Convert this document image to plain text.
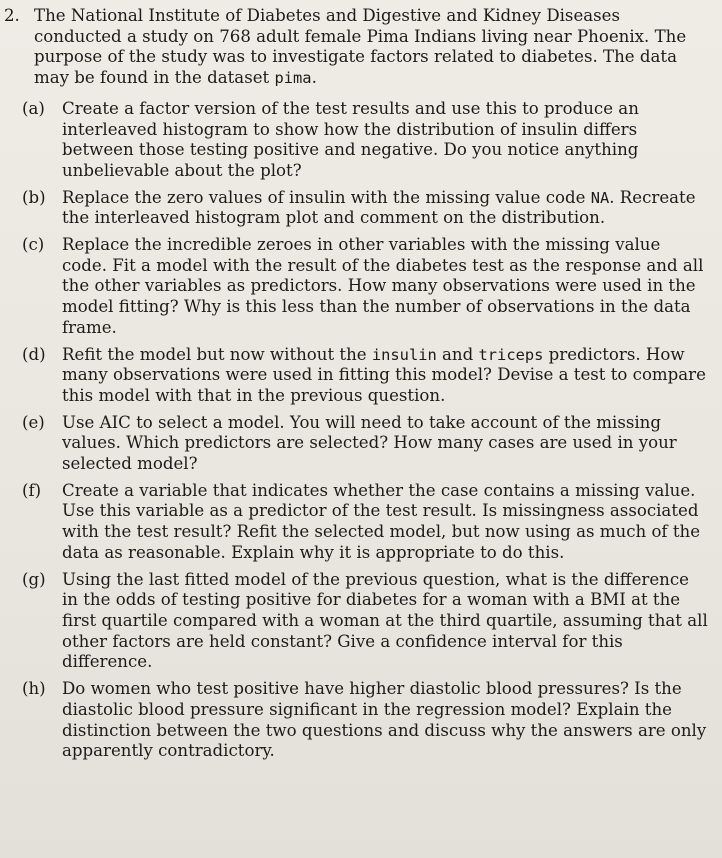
2. The National Institute of Diabetes and Digestive and Kidney Diseases conducted a study on 768 adult female Pima Indians living near Phoenix. The purpose of the study was to investigate factors related to diabetes. The data may be found in the dataset pima.
(a) Create a factor version of the test results and use this to produce an interleaved histogram to show how the distribution of insulin differs between those testing positive and negative. Do you notice anything unbelievable about the plot?
(b) Replace the zero values of insulin with the missing value code NA. Recreate the interleaved histogram plot and comment on the distribution.
(c) Replace the incredible zeroes in other variables with the missing value code. Fit a model with the result of the diabetes test as the response and all the other variables as predictors. How many observations were used in the model fitting? Why is this less than the number of observations in the data frame.
(d) Refit the model but now without the insulin and triceps predictors. How many observations were used in fitting this model? Devise a test to compare this model with that in the previous question.
(e) Use AIC to select a model. You will need to take account of the missing values. Which predictors are selected? How many cases are used in your selected model?
(f) Create a variable that indicates whether the case contains a missing value. Use this variable as a predictor of the test result. Is missingness associated with the test result? Refit the selected model, but now using as much of the data as reasonable. Explain why it is appropriate to do this.
(g) Using the last fitted model of the previous question, what is the difference in the odds of testing positive for diabetes for a woman with a BMI at the first quartile compared with a woman at the third quartile, assuming that all other factors are held constant? Give a confidence interval for this difference.
(h) Do women who test positive have higher diastolic blood pressures? Is the diastolic blood pressure significant in the regression model? Explain the distinction between the two questions and discuss why the answers are only apparently contradictory.
